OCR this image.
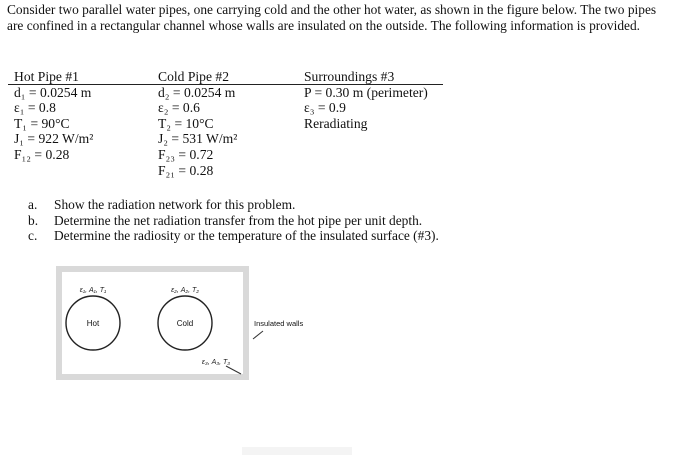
Consider two parallel water pipes, one carrying cold and the other hot water, as shown in the figure below. The two pipes are confined in a rectangular channel whose walls are insulated on the outside. The following information is provided.

Hot Pipe #1
d₁ = 0.0254 m
ε₁ = 0.8
T₁ = 90°C
J₁ = 922 W/m²
F₁₂ = 0.28
Cold Pipe #2
d₂ = 0.0254 m
ε₂ = 0.6
T₂ = 10°C
J₂ = 531 W/m²
F₂₃ = 0.72
F₂₁ = 0.28
Surroundings #3
P = 0.30 m (perimeter)
ε₃ = 0.9
Reradiating
a. Show the radiation network for this problem.
b. Determine the net radiation transfer from the hot pipe per unit depth.
c. Determine the radiosity or the temperature of the insulated surface (#3).
Hot	Cold
ε₁, A₁, T₁	ε₂, A₂, T₂
ε₃, A₃, T₃
Insulated walls
